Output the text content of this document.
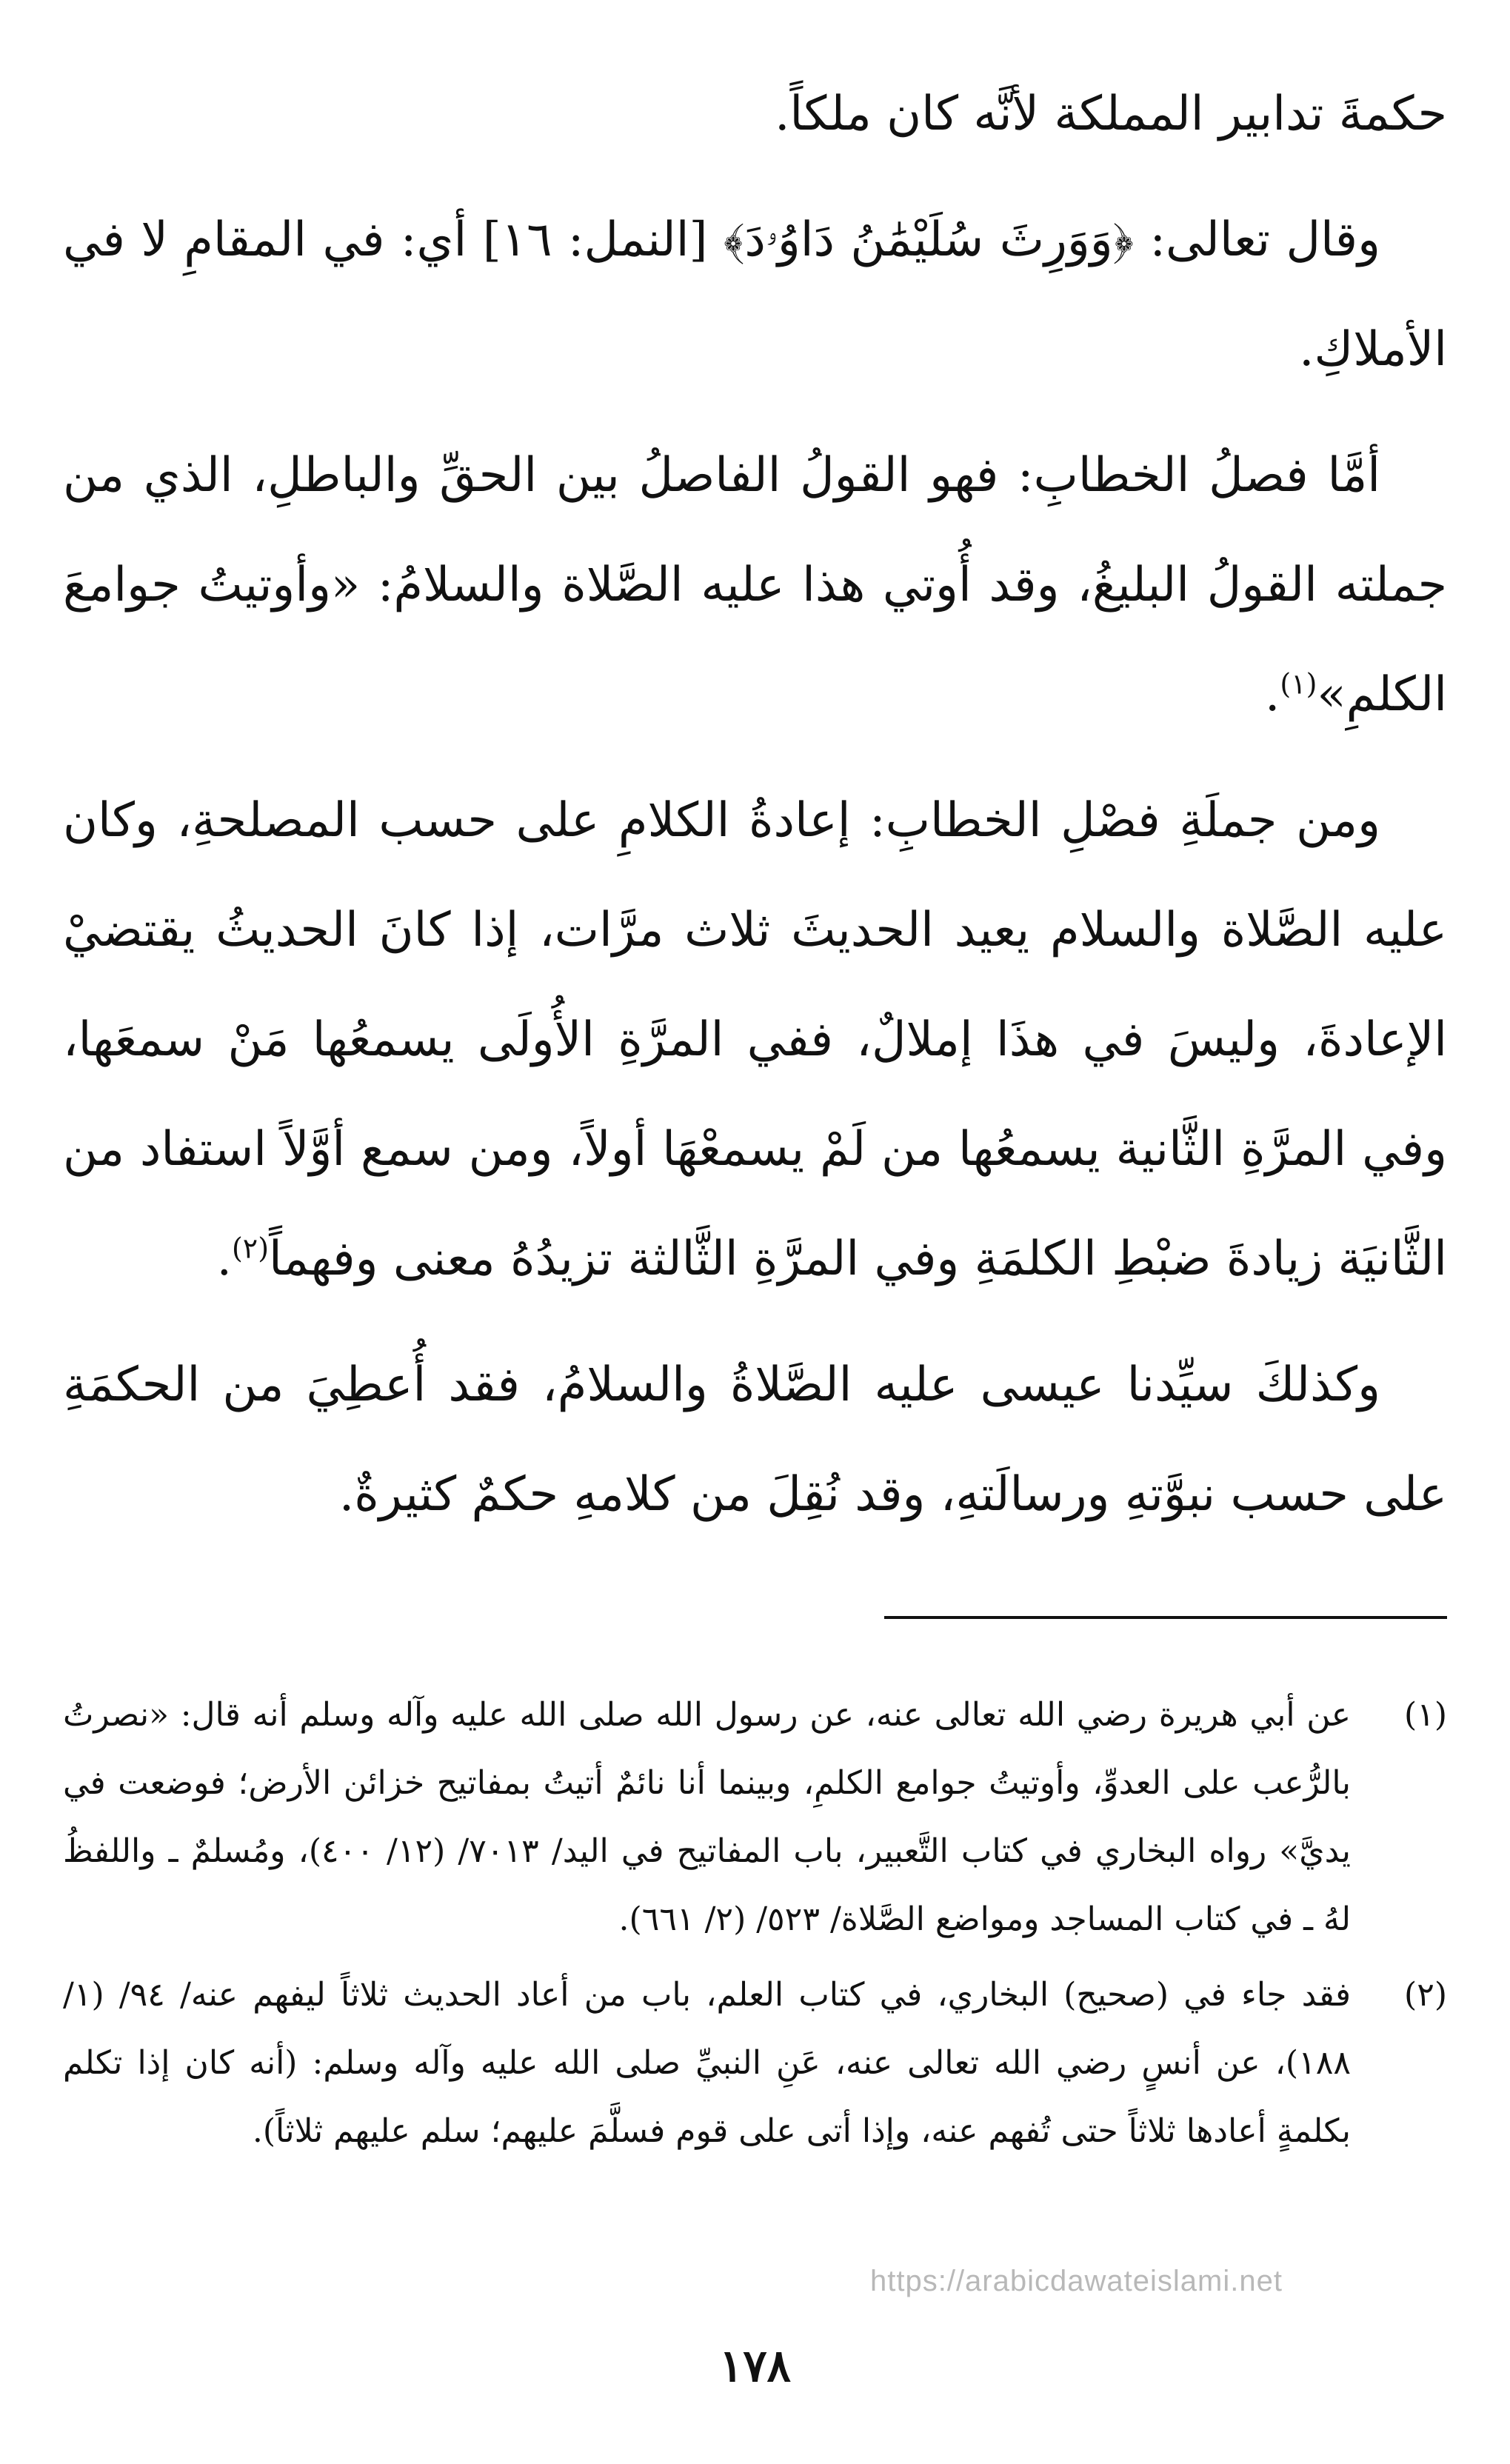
حكمةَ تدابير المملكة لأنَّه كان ملكاً.

وقال تعالى: ﴿وَوَرِثَ سُلَيْمَٰنُ دَاوُۥدَ﴾ [النمل: ١٦] أي: في المقامِ لا في الأملاكِ.

أمَّا فصلُ الخطابِ: فهو القولُ الفاصلُ بين الحقِّ والباطلِ، الذي من جملته القولُ البليغُ، وقد أُوتي هذا عليه الصَّلاة والسلامُ: «وأوتيتُ جوامعَ الكلمِ»$^{(١)}$.

ومن جملَةِ فصْلِ الخطابِ: إعادةُ الكلامِ على حسب المصلحةِ، وكان عليه الصَّلاة والسلام يعيد الحديثَ ثلاث مرَّات، إذا كانَ الحديثُ يقتضيْ الإعادةَ، وليسَ في هذَا إملالٌ، ففي المرَّةِ الأُولَى يسمعُها مَنْ سمعَها، وفي المرَّةِ الثَّانية يسمعُها من لَمْ يسمعْهَا أولاً، ومن سمع أوَّلاً استفاد من الثَّانيَة زيادةَ ضبْطِ الكلمَةِ وفي المرَّةِ الثَّالثة تزيدُهُ معنى وفهماً$^{(٢)}$.

وكذلكَ سيِّدنا عيسى عليه الصَّلاةُ والسلامُ، فقد أُعطِيَ من الحكمَةِ على حسب نبوَّتهِ ورسالَتهِ، وقد نُقِلَ من كلامهِ حكمٌ كثيرةٌ.

(١)
عن أبي هريرة رضي الله تعالى عنه، عن رسول الله صلى الله عليه وآله وسلم أنه قال: «نصرتُ بالرُّعب على العدوِّ، وأوتيتُ جوامع الكلمِ، وبينما أنا نائمٌ أتيتُ بمفاتيح خزائن الأرض؛ فوضعت في يديَّ» رواه البخاري في كتاب التَّعبير، باب المفاتيح في اليد/ ٧٠١٣/ (١٢/ ٤٠٠)، ومُسلمٌ ـ واللفظُ لهُ ـ في كتاب المساجد ومواضع الصَّلاة/ ٥٢٣/ (٢/ ٦٦١).
(٢)
فقد جاء في (صحيح) البخاري، في كتاب العلم، باب من أعاد الحديث ثلاثاً ليفهم عنه/ ٩٤/ (١/ ١٨٨)، عن أنسٍ رضي الله تعالى عنه، عَنِ النبيِّ صلى الله عليه وآله وسلم: (أنه كان إذا تكلم بكلمةٍ أعادها ثلاثاً حتى تُفهم عنه، وإذا أتى على قوم فسلَّمَ عليهم؛ سلم عليهم ثلاثاً).
https://arabicdawateislami.net
١٧٨
